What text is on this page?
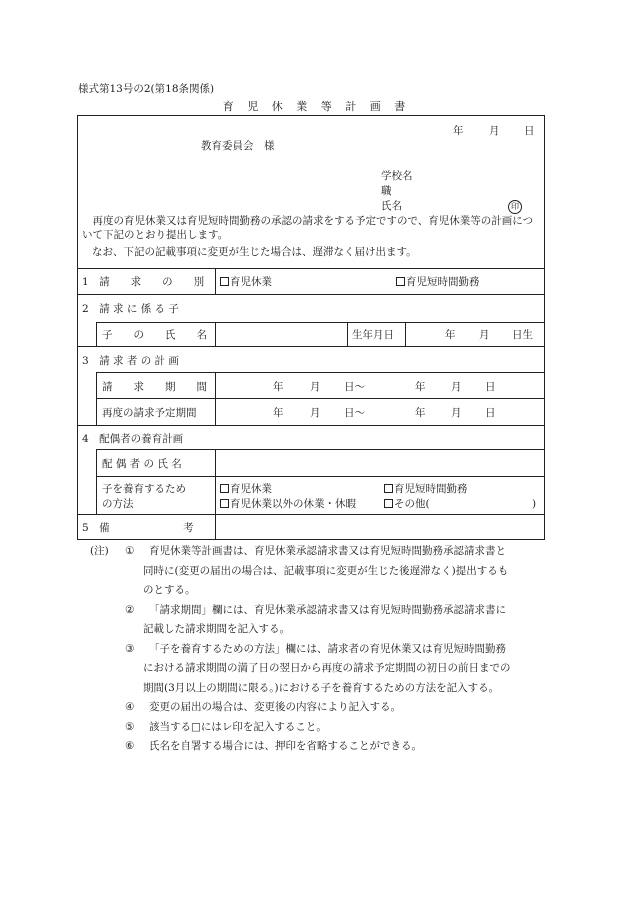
様式第13号の2(第18条関係)
育 児 休 業 等 計 画 書
年 月 日
教育委員会　様
学校名
職
氏名	印
再度の育児休業又は育児短時間勤務の承認の請求をする予定ですので、育児休業等の計画について下記のとおり提出します。
なお、下記の記載事項に変更が生じた場合は、遅滞なく届け出ます。
1　請　　求　　の　　別	育児休業	育児短時間勤務
2　請 求 に 係 る 子
子　　の　　氏　　名	生年月日	年 月 日生
3　請 求 者 の 計 画
請　　求　　期　　間	年	月 日～	年 月 日
再度の請求予定期間	年	月 日～	年 月 日
4　配偶者の養育計画
配 偶 者 の 氏 名
子を養育するため
の方法
育児休業	育児短時間勤務
育児休業以外の休業・休暇	その他(	)
5　備　　　　　　　考
(注) ① 育児休業等計画書は、育児休業承認請求書又は育児短時間勤務承認請求書と
同時に(変更の届出の場合は、記載事項に変更が生じた後遅滞なく)提出するも
のとする。
② 「請求期間」欄には、育児休業承認請求書又は育児短時間勤務承認請求書に
記載した請求期間を記入する。
③ 「子を養育するための方法」欄には、請求者の育児休業又は育児短時間勤務
における請求期間の満了日の翌日から再度の請求予定期間の初日の前日までの
期間(3月以上の期間に限る。)における子を養育するための方法を記入する。
④ 変更の届出の場合は、変更後の内容により記入する。
⑤ 該当する□にはレ印を記入すること。
⑥ 氏名を自署する場合には、押印を省略することができる。
